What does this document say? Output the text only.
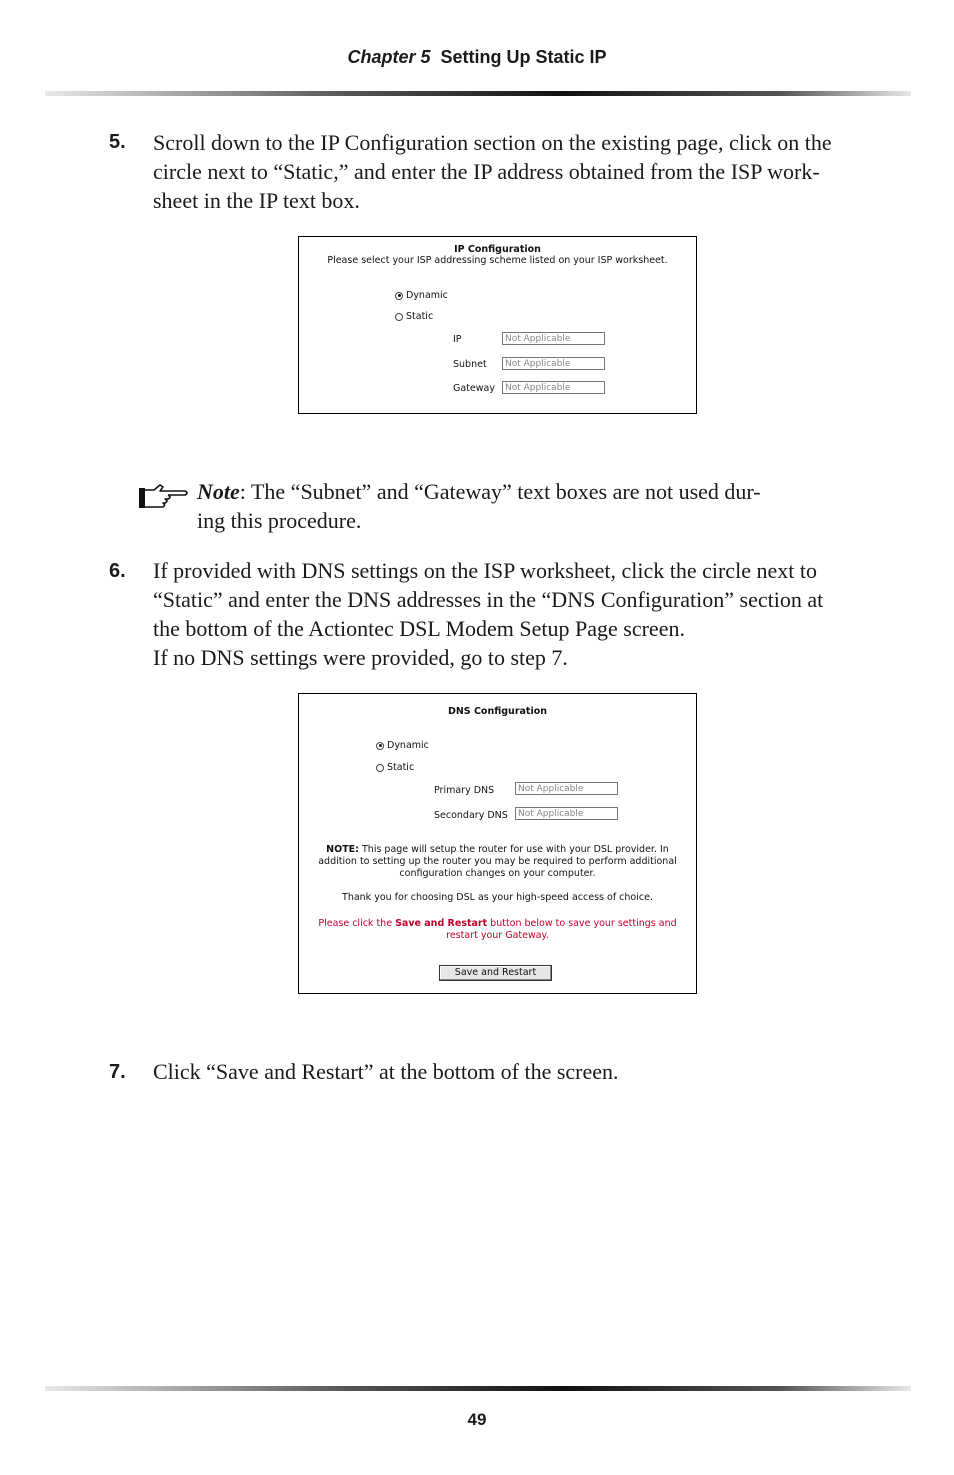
Chapter 5 Setting Up Static IP
5. Scroll down to the IP Configuration section on the existing page, click on the

circle next to “Static,” and enter the IP address obtained from the ISP work-

sheet in the IP text box.

IP Configuration
Please select your ISP addressing scheme listed on your ISP worksheet.
Dynamic
Static
IP	Not Applicable
Subnet	Not Applicable
Gateway	Not Applicable
Note: The “Subnet” and “Gateway” text boxes are not used dur-
ing this procedure.
6. If provided with DNS settings on the ISP worksheet, click the circle next to

“Static” and enter the DNS addresses in the “DNS Configuration” section at

the bottom of the Actiontec DSL Modem Setup Page screen.

If no DNS settings were provided, go to step 7.

DNS Configuration
Dynamic
Static
Primary DNS	Not Applicable
Secondary DNS	Not Applicable

NOTE: This page will setup the router for use with your DSL provider. In

addition to setting up the router you may be required to perform additional

configuration changes on your computer.

Thank you for choosing DSL as your high-speed access of choice.

Please click the Save and Restart button below to save your settings and

restart your Gateway.

Save and Restart
7. Click “Save and Restart” at the bottom of the screen.

49
